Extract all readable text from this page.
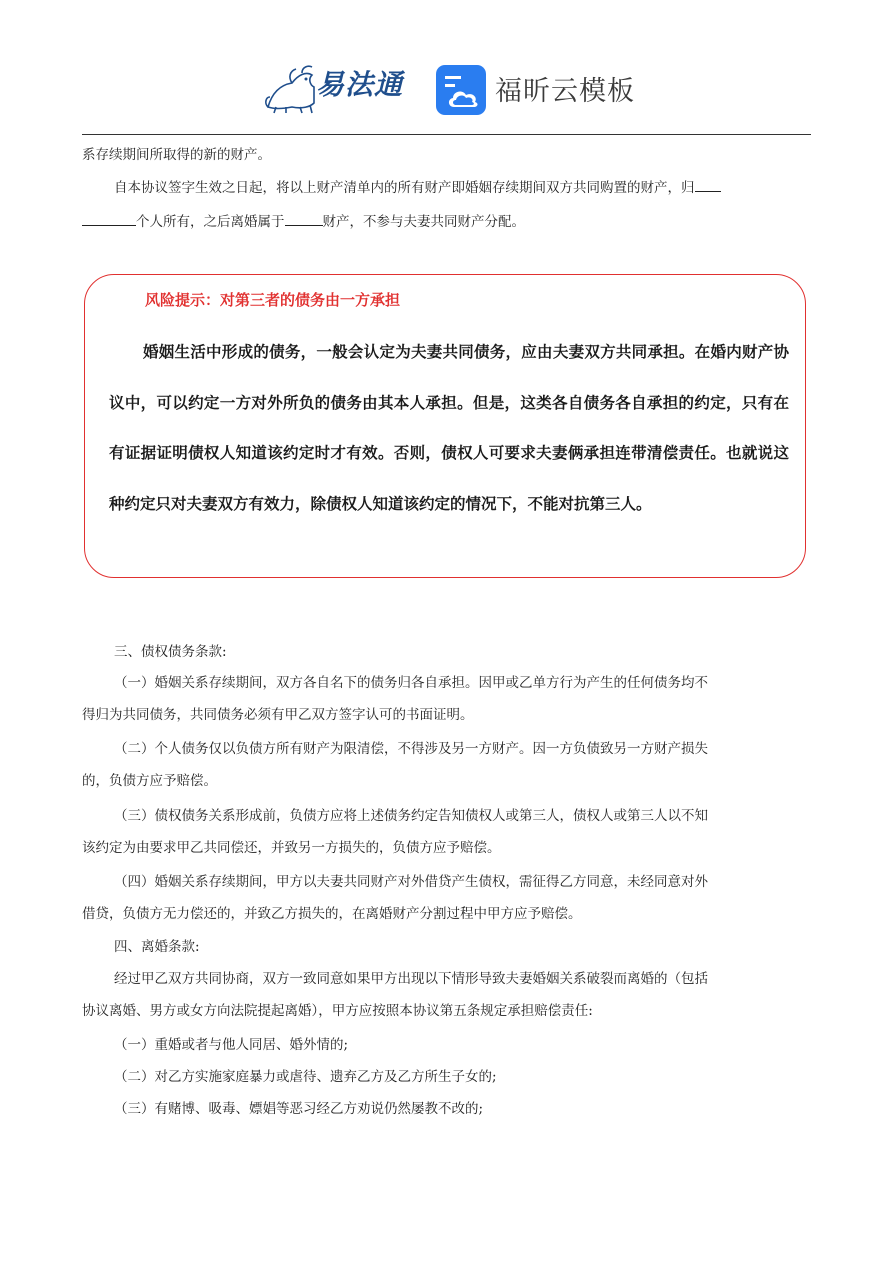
易法通	福昕云模板
系存续期间所取得的新的财产。
自本协议签字生效之日起，将以上财产清单内的所有财产即婚姻存续期间双方共同购置的财产，归
个人所有，之后离婚属于	财产，不参与夫妻共同财产分配。
风险提示：对第三者的债务由一方承担
婚姻生活中形成的债务，一般会认定为夫妻共同债务，应由夫妻双方共同承担。在婚内财产协议中，可以约定一方对外所负的债务由其本人承担。但是，这类各自债务各自承担的约定，只有在有证据证明债权人知道该约定时才有效。否则，债权人可要求夫妻俩承担连带清偿责任。也就说这种约定只对夫妻双方有效力，除债权人知道该约定的情况下，不能对抗第三人。
三、债权债务条款:
（一）婚姻关系存续期间，双方各自名下的债务归各自承担。因甲或乙单方行为产生的任何债务均不
得归为共同债务，共同债务必须有甲乙双方签字认可的书面证明。
（二）个人债务仅以负债方所有财产为限清偿，不得涉及另一方财产。因一方负债致另一方财产损失
的，负债方应予赔偿。
（三）债权债务关系形成前，负债方应将上述债务约定告知债权人或第三人，债权人或第三人以不知
该约定为由要求甲乙共同偿还，并致另一方损失的，负债方应予赔偿。
（四）婚姻关系存续期间，甲方以夫妻共同财产对外借贷产生债权，需征得乙方同意，未经同意对外
借贷，负债方无力偿还的，并致乙方损失的，在离婚财产分割过程中甲方应予赔偿。
四、离婚条款:
经过甲乙双方共同协商，双方一致同意如果甲方出现以下情形导致夫妻婚姻关系破裂而离婚的（包括
协议离婚、男方或女方向法院提起离婚），甲方应按照本协议第五条规定承担赔偿责任:
（一）重婚或者与他人同居、婚外情的;
（二）对乙方实施家庭暴力或虐待、遗弃乙方及乙方所生子女的;
（三）有赌博、吸毒、嫖娼等恶习经乙方劝说仍然屡教不改的;
